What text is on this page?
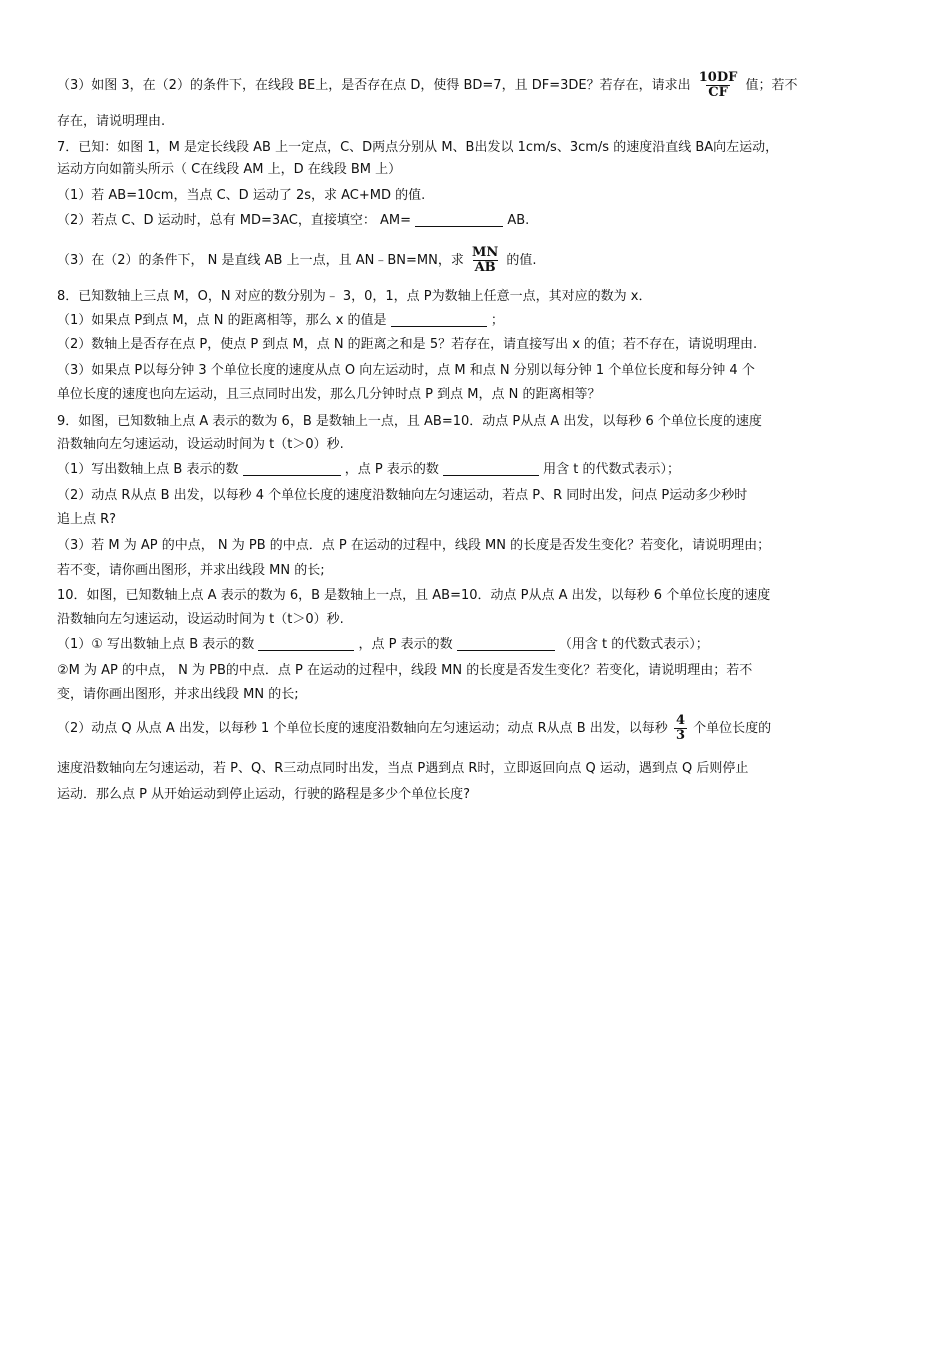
（3）如图 3，在（2）的条件下，在线段 BE上，是否存在点 D，使得 BD=7，且 DF=3DE？若存在，请求出 $\frac{10DF}{CF}$ 值；若不
存在，请说明理由.
7．已知：如图 1，M 是定长线段 AB 上一定点，C、D两点分别从 M、B出发以 1cm/s、3cm/s 的速度沿直线 BA向左运动，
运动方向如箭头所示（ C在线段 AM 上，D 在线段 BM 上）
（1）若 AB=10cm，当点 C、D 运动了 2s，求 AC+MD 的值.
（2）若点 C、D 运动时，总有 MD=3AC，直接填空： AM=	AB.
（3）在（2）的条件下， N 是直线 AB 上一点，且 AN﹣BN=MN，求 $\frac{MN}{AB}$ 的值.
8．已知数轴上三点 M，O，N 对应的数分别为﹣ 3，0，1，点 P为数轴上任意一点，其对应的数为 x．
（1）如果点 P到点 M，点 N 的距离相等，那么 x 的值是	；
（2）数轴上是否存在点 P，使点 P 到点 M，点 N 的距离之和是 5？若存在，请直接写出 x 的值；若不存在，请说明理由.
（3）如果点 P以每分钟 3 个单位长度的速度从点 O 向左运动时，点 M 和点 N 分别以每分钟 1 个单位长度和每分钟 4 个
单位长度的速度也向左运动，且三点同时出发，那么几分钟时点 P 到点 M，点 N 的距离相等？
9．如图，已知数轴上点 A 表示的数为 6，B 是数轴上一点，且 AB=10．动点 P从点 A 出发，以每秒 6 个单位长度的速度
沿数轴向左匀速运动，设运动时间为 t（t＞0）秒.
（1）写出数轴上点 B 表示的数	，点 P 表示的数	用含 t 的代数式表示）；
（2）动点 R从点 B 出发，以每秒 4 个单位长度的速度沿数轴向左匀速运动，若点 P、R 同时出发，问点 P运动多少秒时
追上点 R?
（3）若 M 为 AP 的中点， N 为 PB 的中点．点 P 在运动的过程中，线段 MN 的长度是否发生变化？若变化，请说明理由；
若不变，请你画出图形，并求出线段 MN 的长;
10．如图，已知数轴上点 A 表示的数为 6，B 是数轴上一点，且 AB=10．动点 P从点 A 出发，以每秒 6 个单位长度的速度
沿数轴向左匀速运动，设运动时间为 t（t＞0）秒.
（1）① 写出数轴上点 B 表示的数	，点 P 表示的数	（用含 t 的代数式表示）；
②M 为 AP 的中点， N 为 PB的中点．点 P 在运动的过程中，线段 MN 的长度是否发生变化？若变化，请说明理由；若不
变，请你画出图形，并求出线段 MN 的长;
（2）动点 Q 从点 A 出发，以每秒 1 个单位长度的速度沿数轴向左匀速运动；动点 R从点 B 出发，以每秒 $\frac{4}{3}$ 个单位长度的
速度沿数轴向左匀速运动，若 P、Q、R三动点同时出发，当点 P遇到点 R时，立即返回向点 Q 运动，遇到点 Q 后则停止
运动．那么点 P 从开始运动到停止运动，行驶的路程是多少个单位长度?
